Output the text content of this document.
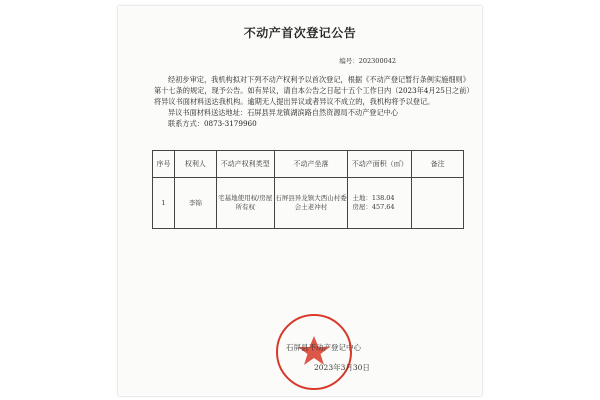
不动产首次登记公告
编号：202300042

经初步审定，我机构拟对下列不动产权利予以首次登记，根据《不动产登记暂行条例实施细则》第十七条的规定，现予公告。如有异议，请自本公告之日起十五个工作日内（2023年4月25日之前）将异议书面材料送达我机构。逾期无人提出异议或者异议不成立的，我机构将予以登记。

异议书面材料送达地址：石屏县异龙镇湖滨路自然资源局不动产登记中心

联系方式：0873-3179960

序号	权利人	不动产权利类型	不动产坐落	不动产面积（㎡）	备注
1	李锦	宅基地使用权/房屋所有权	石屏县异龙镇大西山村委会土老冲村	土地：138.04
房屋：457.64	

石屏县不动产登记中心
2023年3月30日
